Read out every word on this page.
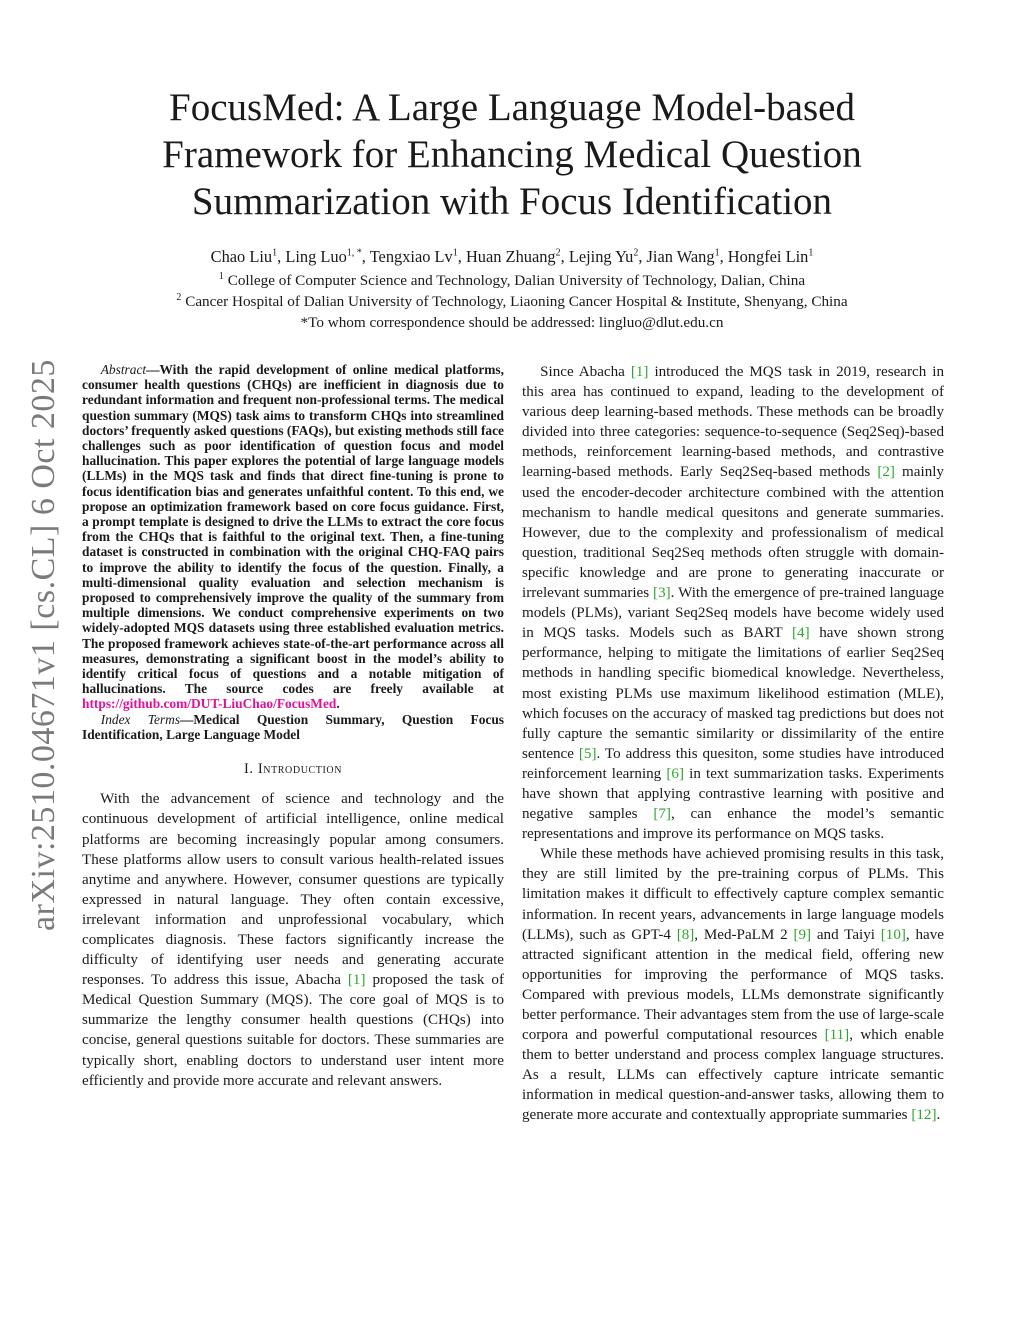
arXiv:2510.04671v1 [cs.CL] 6 Oct 2025
FocusMed: A Large Language Model-based Framework for Enhancing Medical Question Summarization with Focus Identification

Chao Liu$^1$, Ling Luo$^{1, *}$, Tengxiao Lv$^1$, Huan Zhuang$^2$, Lejing Yu$^2$, Jian Wang$^1$, Hongfei Lin$^1$

$^1$ College of Computer Science and Technology, Dalian University of Technology, Dalian, China

$^2$ Cancer Hospital of Dalian University of Technology, Liaoning Cancer Hospital & Institute, Shenyang, China

*To whom correspondence should be addressed: lingluo@dlut.edu.cn

Abstract—With the rapid development of online medical platforms, consumer health questions (CHQs) are inefficient in diagnosis due to redundant information and frequent non-professional terms. The medical question summary (MQS) task aims to transform CHQs into streamlined doctors’ frequently asked questions (FAQs), but existing methods still face challenges such as poor identification of question focus and model hallucination. This paper explores the potential of large language models (LLMs) in the MQS task and finds that direct fine-tuning is prone to focus identification bias and generates unfaithful content. To this end, we propose an optimization framework based on core focus guidance. First, a prompt template is designed to drive the LLMs to extract the core focus from the CHQs that is faithful to the original text. Then, a fine-tuning dataset is constructed in combination with the original CHQ-FAQ pairs to improve the ability to identify the focus of the question. Finally, a multi-dimensional quality evaluation and selection mechanism is proposed to comprehensively improve the quality of the summary from multiple dimensions. We conduct comprehensive experiments on two widely-adopted MQS datasets using three established evaluation metrics. The proposed framework achieves state-of-the-art performance across all measures, demonstrating a significant boost in the model’s ability to identify critical focus of questions and a notable mitigation of hallucinations. The source codes are freely available at https://github.com/DUT-LiuChao/FocusMed.

Index Terms—Medical Question Summary, Question Focus Identification, Large Language Model

I. Introduction

With the advancement of science and technology and the continuous development of artificial intelligence, online medical platforms are becoming increasingly popular among consumers. These platforms allow users to consult various health-related issues anytime and anywhere. However, consumer questions are typically expressed in natural language. They often contain excessive, irrelevant information and unprofessional vocabulary, which complicates diagnosis. These factors significantly increase the difficulty of identifying user needs and generating accurate responses. To address this issue, Abacha [1] proposed the task of Medical Question Summary (MQS). The core goal of MQS is to summarize the lengthy consumer health questions (CHQs) into concise, general questions suitable for doctors. These summaries are typically short, enabling doctors to understand user intent more efficiently and provide more accurate and relevant answers.

Since Abacha [1] introduced the MQS task in 2019, research in this area has continued to expand, leading to the development of various deep learning-based methods. These methods can be broadly divided into three categories: sequence-to-sequence (Seq2Seq)-based methods, reinforcement learning-based methods, and contrastive learning-based methods. Early Seq2Seq-based methods [2] mainly used the encoder-decoder architecture combined with the attention mechanism to handle medical quesitons and generate summaries. However, due to the complexity and professionalism of medical question, traditional Seq2Seq methods often struggle with domain-specific knowledge and are prone to generating inaccurate or irrelevant summaries [3]. With the emergence of pre-trained language models (PLMs), variant Seq2Seq models have become widely used in MQS tasks. Models such as BART [4] have shown strong performance, helping to mitigate the limitations of earlier Seq2Seq methods in handling specific biomedical knowledge. Nevertheless, most existing PLMs use maximum likelihood estimation (MLE), which focuses on the accuracy of masked tag predictions but does not fully capture the semantic similarity or dissimilarity of the entire sentence [5]. To address this quesiton, some studies have introduced reinforcement learning [6] in text summarization tasks. Experiments have shown that applying contrastive learning with positive and negative samples [7], can enhance the model’s semantic representations and improve its performance on MQS tasks.

While these methods have achieved promising results in this task, they are still limited by the pre-training corpus of PLMs. This limitation makes it difficult to effectively capture complex semantic information. In recent years, advancements in large language models (LLMs), such as GPT-4 [8], Med-PaLM 2 [9] and Taiyi [10], have attracted significant attention in the medical field, offering new opportunities for improving the performance of MQS tasks. Compared with previous models, LLMs demonstrate significantly better performance. Their advantages stem from the use of large-scale corpora and powerful computational resources [11], which enable them to better understand and process complex language structures. As a result, LLMs can effectively capture intricate semantic information in medical question-and-answer tasks, allowing them to generate more accurate and contextually appropriate summaries [12].
